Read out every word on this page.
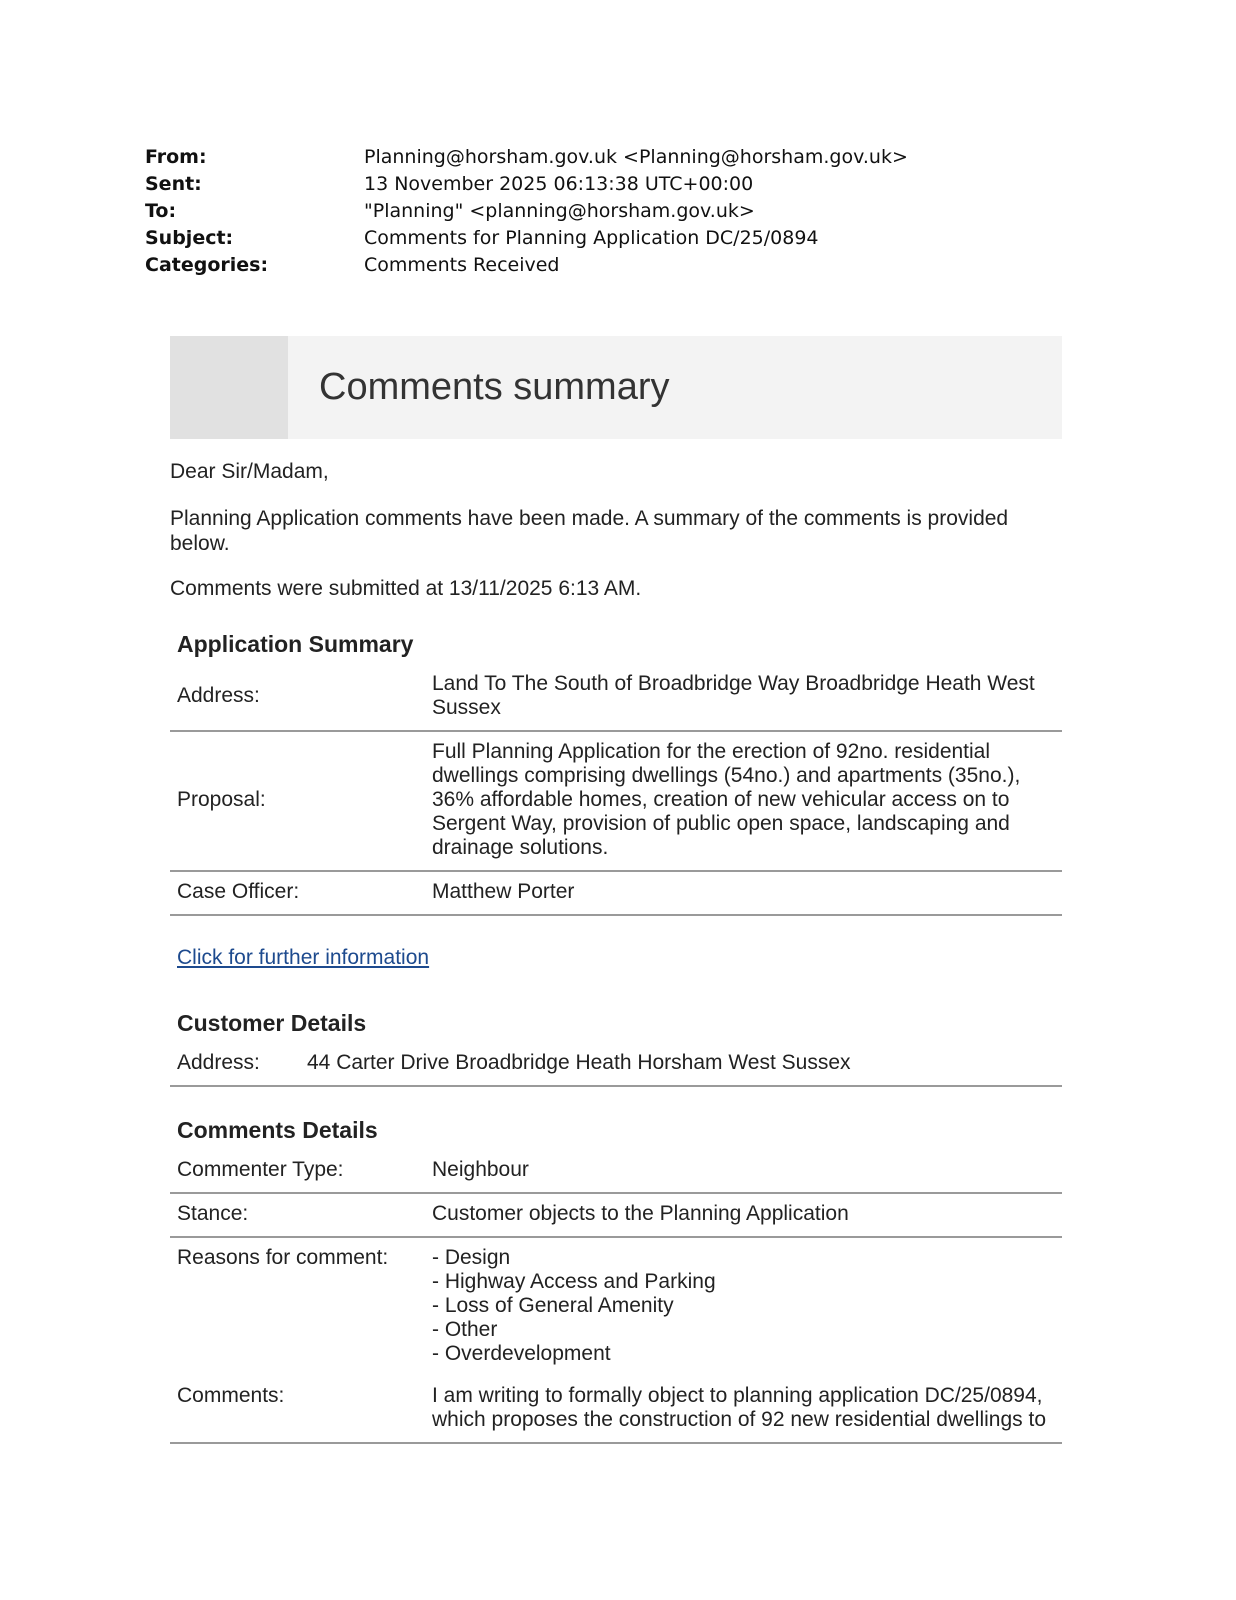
From:	Planning@horsham.gov.uk <Planning@horsham.gov.uk>
Sent:	13 November 2025 06:13:38 UTC+00:00
To:	"Planning" <planning@horsham.gov.uk>
Subject:	Comments for Planning Application DC/25/0894
Categories:	Comments Received
Comments summary

Dear Sir/Madam,

Planning Application comments have been made. A summary of the comments is provided below.

Comments were submitted at 13/11/2025 6:13 AM.

Application Summary
Address:	Land To The South of Broadbridge Way Broadbridge Heath West Sussex
Proposal:	Full Planning Application for the erection of 92no. residential dwellings comprising dwellings (54no.) and apartments (35no.), 36% affordable homes, creation of new vehicular access on to Sergent Way, provision of public open space, landscaping and drainage solutions.
Case Officer:	Matthew Porter
Click for further information
Customer Details
Address:	44 Carter Drive Broadbridge Heath Horsham West Sussex
Comments Details
Commenter Type:	Neighbour
Stance:	Customer objects to the Planning Application
Reasons for comment:	- Design
- Highway Access and Parking
- Loss of General Amenity
- Other
- Overdevelopment

Comments:	I am writing to formally object to planning application DC/25/0894, which proposes the construction of 92 new residential dwellings to
